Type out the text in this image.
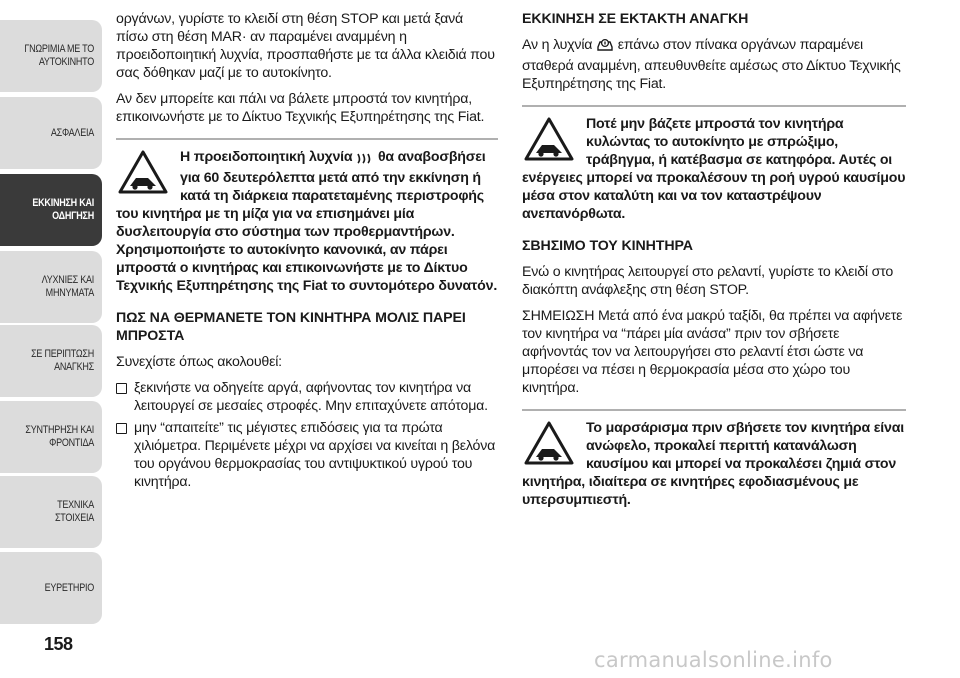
ΓΝΩΡΙΜΙΑ ΜΕ ΤΟ ΑΥΤΟΚΙΝΗΤΟ
ΑΣΦΑΛΕΙΑ
ΕΚΚΙΝΗΣΗ ΚΑΙ ΟΔΗΓΗΣΗ
ΛΥΧΝΙΕΣ ΚΑΙ ΜΗΝΥΜΑΤΑ
ΣΕ ΠΕΡΙΠΤΩΣΗ ΑΝΑΓΚΗΣ
ΣΥΝΤΗΡΗΣΗ ΚΑΙ ΦΡΟΝΤΙΔΑ
ΤΕΧΝΙΚΑ ΣΤΟΙΧΕΙΑ
ΕΥΡΕΤΗΡΙΟ
158

οργάνων, γυρίστε το κλειδί στη θέση STOP και μετά ξανά πίσω στη θέση MAR· αν παραμένει αναμμένη η προειδοποιητική λυχνία, προσπαθήστε με τα άλλα κλειδιά που σας δόθηκαν μαζί με το αυτοκίνητο.

Αν δεν μπορείτε και πάλι να βάλετε μπροστά τον κινητήρα, επικοινωνήστε με το Δίκτυο Τεχνικής Εξυπηρέτησης της Fiat.

Η προειδοποιητική λυχνία θα αναβοσβήσει για 60 δευτερόλεπτα μετά από την εκκίνηση ή κατά τη διάρκεια παρατεταμένης περιστροφής του κινητήρα με τη μίζα για να επισημάνει μία δυσλειτουργία στο σύστημα των προθερμαντήρων. Χρησιμοποιήστε το αυτοκίνητο κανονικά, αν πάρει μπροστά ο κινητήρας και επικοινωνήστε με το Δίκτυο Τεχνικής Εξυπηρέτησης της Fiat το συντομότερο δυνατόν.
ΠΩΣ ΝΑ ΘΕΡΜΑΝΕΤΕ ΤΟΝ ΚΙΝΗΤΗΡΑ ΜΟΛΙΣ ΠΑΡΕΙ ΜΠΡΟΣΤΑ

Συνεχίστε όπως ακολουθεί:

ξεκινήστε να οδηγείτε αργά, αφήνοντας τον κινητήρα να λειτουργεί σε μεσαίες στροφές. Μην επιταχύνετε απότομα.
μην “απαιτείτε” τις μέγιστες επιδόσεις για τα πρώτα χιλιόμετρα. Περιμένετε μέχρι να αρχίσει να κινείται η βελόνα του οργάνου θερμοκρασίας του αντιψυκτικού υγρού του κινητήρα.
ΕΚΚΙΝΗΣΗ ΣΕ ΕΚΤΑΚΤΗ ΑΝΑΓΚΗ

Αν η λυχνία επάνω στον πίνακα οργάνων παραμένει σταθερά αναμμένη, απευθυνθείτε αμέσως στο Δίκτυο Τεχνικής Εξυπηρέτησης της Fiat.

Ποτέ μην βάζετε μπροστά τον κινητήρα κυλώντας το αυτοκίνητο με σπρώξιμο, τράβηγμα, ή κατέβασμα σε κατηφόρα. Αυτές οι ενέργειες μπορεί να προκαλέσουν τη ροή υγρού καυσίμου μέσα στον καταλύτη και να τον καταστρέψουν ανεπανόρθωτα.
ΣΒΗΣΙΜΟ ΤΟΥ ΚΙΝΗΤΗΡΑ

Ενώ ο κινητήρας λειτουργεί στο ρελαντί, γυρίστε το κλειδί στο διακόπτη ανάφλεξης στη θέση STOP.

ΣΗΜΕΙΩΣΗ Μετά από ένα μακρύ ταξίδι, θα πρέπει να αφήνετε τον κινητήρα να “πάρει μία ανάσα” πριν τον σβήσετε αφήνοντάς τον να λειτουργήσει στο ρελαντί έτσι ώστε να μπορέσει να πέσει η θερμοκρασία μέσα στο χώρο του κινητήρα.

Το μαρσάρισμα πριν σβήσετε τον κινητήρα είναι ανώφελο, προκαλεί περιττή κατανάλωση καυσίμου και μπορεί να προκαλέσει ζημιά στον κινητήρα, ιδιαίτερα σε κινητήρες εφοδιασμένους με υπερσυμπιεστή.
carmanualsonline.info
